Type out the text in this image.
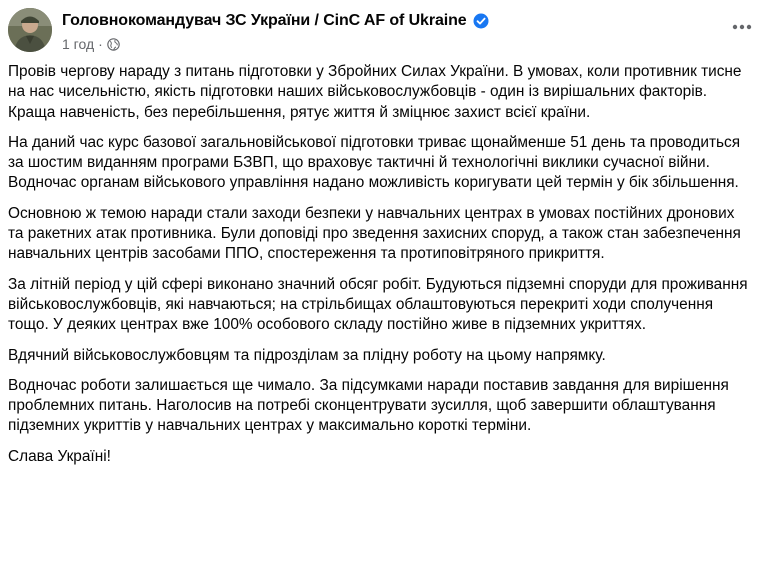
Головнокомандувач ЗС України / CinC AF of Ukraine
1 год ·

Провів чергову нараду з питань підготовки у Збройних Силах України. В умовах, коли противник тисне на нас чисельністю, якість підготовки наших військовослужбовців - один із вирішальних факторів. Краща навченість, без перебільшення, рятує життя й зміцнює захист всієї країни.

На даний час курс базової загальновійськової підготовки триває щонайменше 51 день та проводиться за шостим виданням програми БЗВП, що враховує тактичні й технологічні виклики сучасної війни. Водночас органам військового управління надано можливість коригувати цей термін у бік збільшення.

Основною ж темою наради стали заходи безпеки у навчальних центрах в умовах постійних дронових та ракетних атак противника. Були доповіді про зведення захисних споруд, а також стан забезпечення навчальних центрів засобами ППО, спостереження та протиповітряного прикриття.

За літній період у цій сфері виконано значний обсяг робіт. Будуються підземні споруди для проживання військовослужбовців, які навчаються; на стрільбищах облаштовуються перекриті ходи сполучення тощо. У деяких центрах вже 100% особового складу постійно живе в підземних укриттях.

Вдячний військовослужбовцям та підрозділам за плідну роботу на цьому напрямку.

Водночас роботи залишається ще чимало. За підсумками наради поставив завдання для вирішення проблемних питань. Наголосив на потребі сконцентрувати зусилля, щоб завершити облаштування підземних укриттів у навчальних центрах у максимально короткі терміни.

Слава Україні!
